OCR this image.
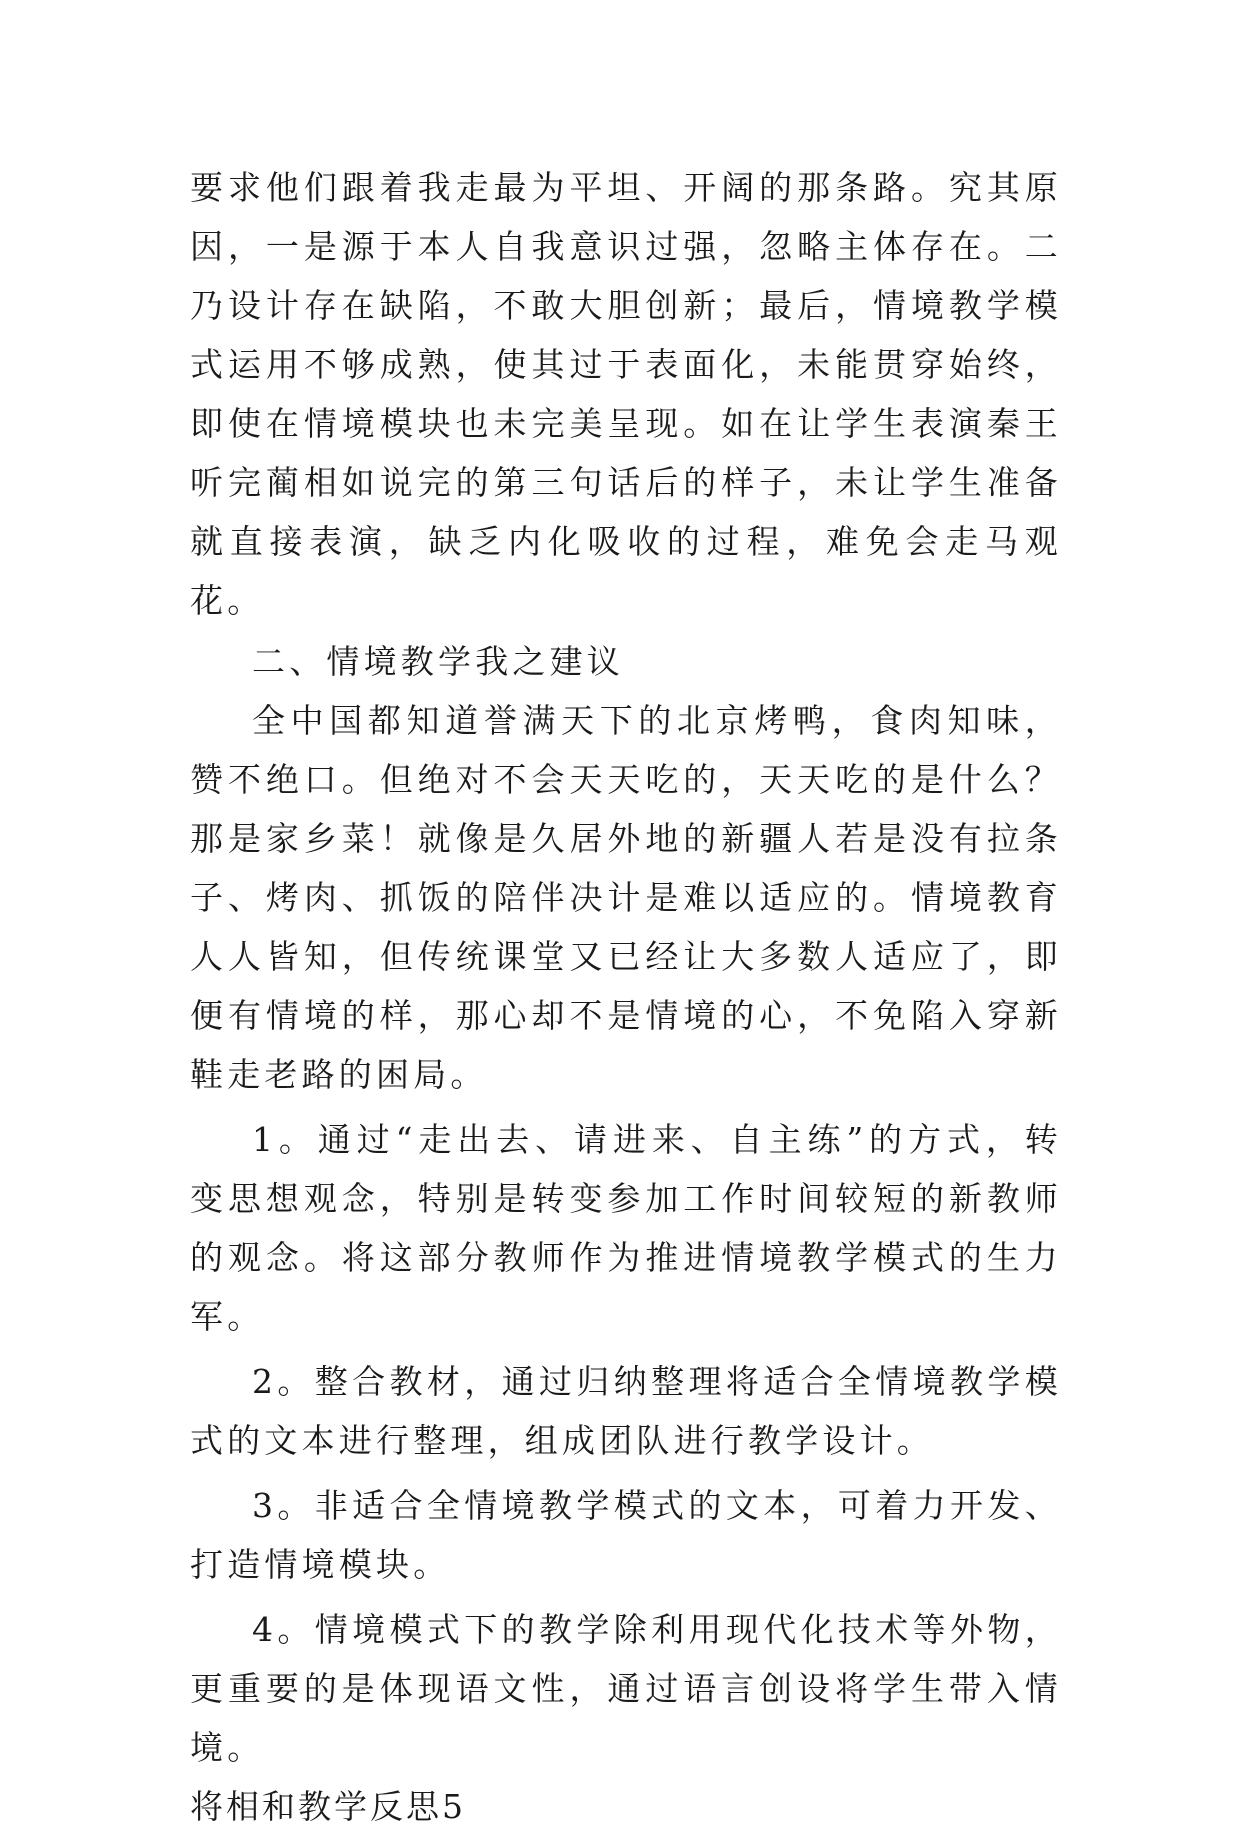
要求他们跟着我走最为平坦、开阔的那条路。究其原因，一是源于本人自我意识过强，忽略主体存在。二乃设计存在缺陷，不敢大胆创新；最后，情境教学模式运用不够成熟，使其过于表面化，未能贯穿始终，即使在情境模块也未完美呈现。如在让学生表演秦王听完蔺相如说完的第三句话后的样子，未让学生准备就直接表演，缺乏内化吸收的过程，难免会走马观花。

二、情境教学我之建议

全中国都知道誉满天下的北京烤鸭，食肉知味，赞不绝口。但绝对不会天天吃的，天天吃的是什么？那是家乡菜！就像是久居外地的新疆人若是没有拉条子、烤肉、抓饭的陪伴决计是难以适应的。情境教育人人皆知，但传统课堂又已经让大多数人适应了，即便有情境的样，那心却不是情境的心，不免陷入穿新鞋走老路的困局。

1。通过“走出去、请进来、自主练”的方式，转变思想观念，特别是转变参加工作时间较短的新教师的观念。将这部分教师作为推进情境教学模式的生力军。

2。整合教材，通过归纳整理将适合全情境教学模式的文本进行整理，组成团队进行教学设计。

3。非适合全情境教学模式的文本，可着力开发、打造情境模块。

4。情境模式下的教学除利用现代化技术等外物，更重要的是体现语文性，通过语言创设将学生带入情境。

将相和教学反思5
